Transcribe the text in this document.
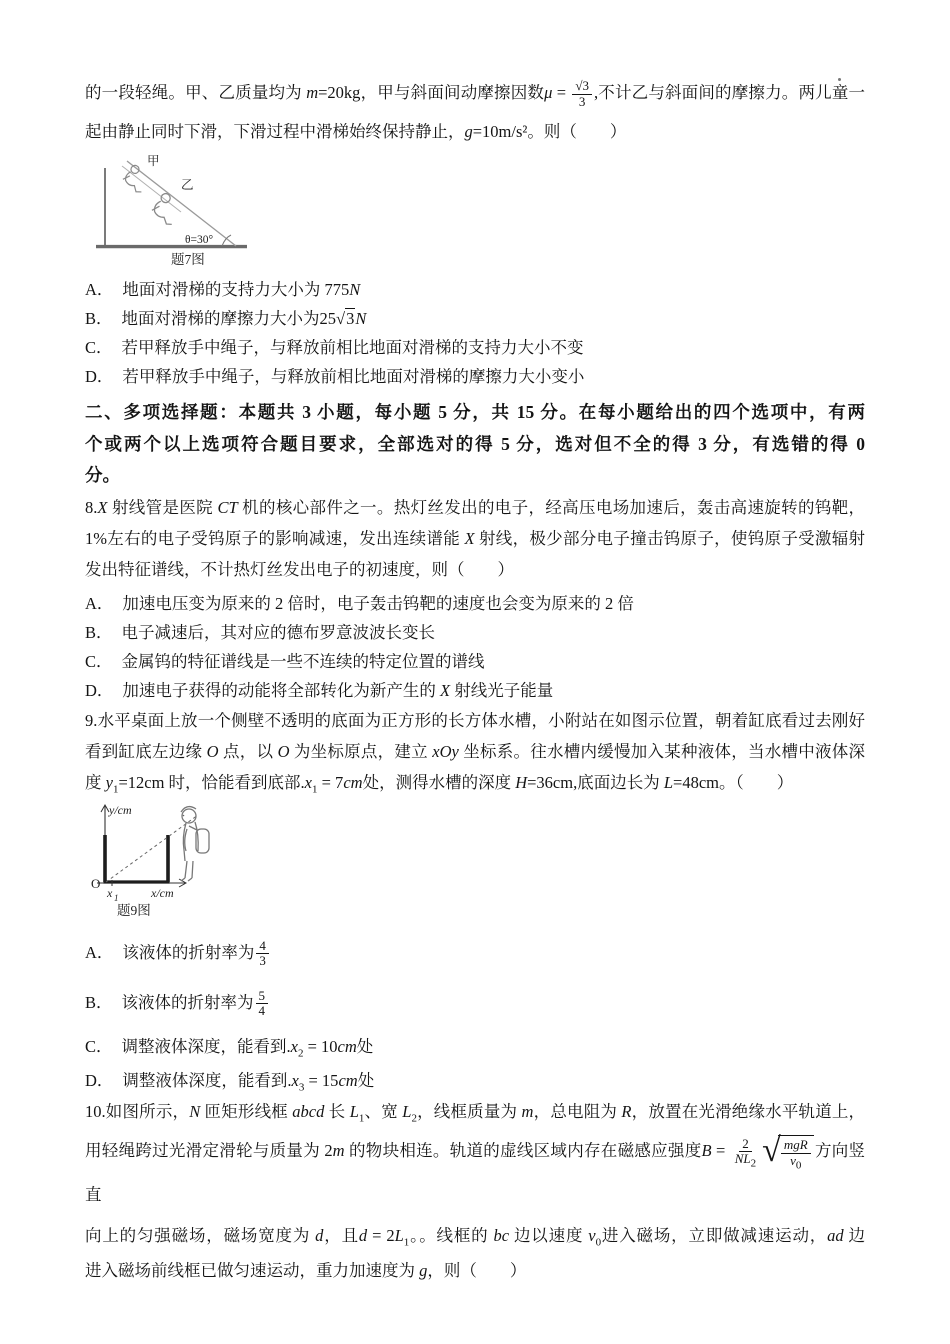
的一段轻绳。甲、乙质量均为 m=20kg，甲与斜面间动摩擦因数$\mu = \frac{√3}{3}$ ,不计乙与斜面间的摩擦力。两儿童一
起由静止同时下滑，下滑过程中滑梯始终保持静止，g=10m/s²。则（　　）
θ=30°
甲
乙
题7图
A． 地面对滑梯的支持力大小为 775N
B． 地面对滑梯的摩擦力大小为25√3N
C． 若甲释放手中绳子，与释放前相比地面对滑梯的支持力大小不变
D． 若甲释放手中绳子，与释放前相比地面对滑梯的摩擦力大小变小
二、多项选择题：本题共 3 小题，每小题 5 分，共 15 分。在每小题给出的四个选项中，有两
个或两个以上选项符合题目要求，全部选对的得 5 分，选对但不全的得 3 分，有选错的得 0
分。
8.X 射线管是医院 CT 机的核心部件之一。热灯丝发出的电子，经高压电场加速后，轰击高速旋转的钨靶，
1%左右的电子受钨原子的影响减速，发出连续谱能 X 射线，极少部分电子撞击钨原子，使钨原子受激辐射
发出特征谱线，不计热灯丝发出电子的初速度，则（　　）
A． 加速电压变为原来的 2 倍时，电子轰击钨靶的速度也会变为原来的 2 倍
B． 电子减速后，其对应的德布罗意波波长变长
C． 金属钨的特征谱线是一些不连续的特定位置的谱线
D． 加速电子获得的动能将全部转化为新产生的 X 射线光子能量
9.水平桌面上放一个侧壁不透明的底面为正方形的长方体水槽，小附站在如图示位置，朝着缸底看过去刚好
看到缸底左边缘 O 点，以 O 为坐标原点，建立 xOy 坐标系。往水槽内缓慢加入某种液体，当水槽中液体深
度 $y_1=12cm$ 时，恰能看到底部$.x_1 = 7cm$处，测得水槽的深度 H=36cm,底面边长为 L=48cm。（　　）
y/cm
x/cm
O
x 1
题9图
A． 该液体的折射率为 $\frac{4}{3}$
B． 该液体的折射率为 $\frac{5}{4}$
C． 调整液体深度，能看到$.x_2 = 10cm$处
D． 调整液体深度，能看到$.x_3 = 15cm$处
10.如图所示，N 匝矩形线框 abcd 长 $L_1$、宽 $L_2$，线框质量为 m，总电阻为 R，放置在光滑绝缘水平轨道上，
用轻绳跨过光滑定滑轮与质量为 2m 的物块相连。轨道的虚线区域内存在磁感应强度$B = \frac{2}{NL_2}$ √ $\frac{\text{mgR}}{v_0}$ 方向竖直
向上的匀强磁场，磁场宽度为 d，且$d = 2L_1$。。线框的 bc 边以速度 $v_0$进入磁场，立即做减速运动，ad 边
进入磁场前线框已做匀速运动，重力加速度为 g，则（　　）
